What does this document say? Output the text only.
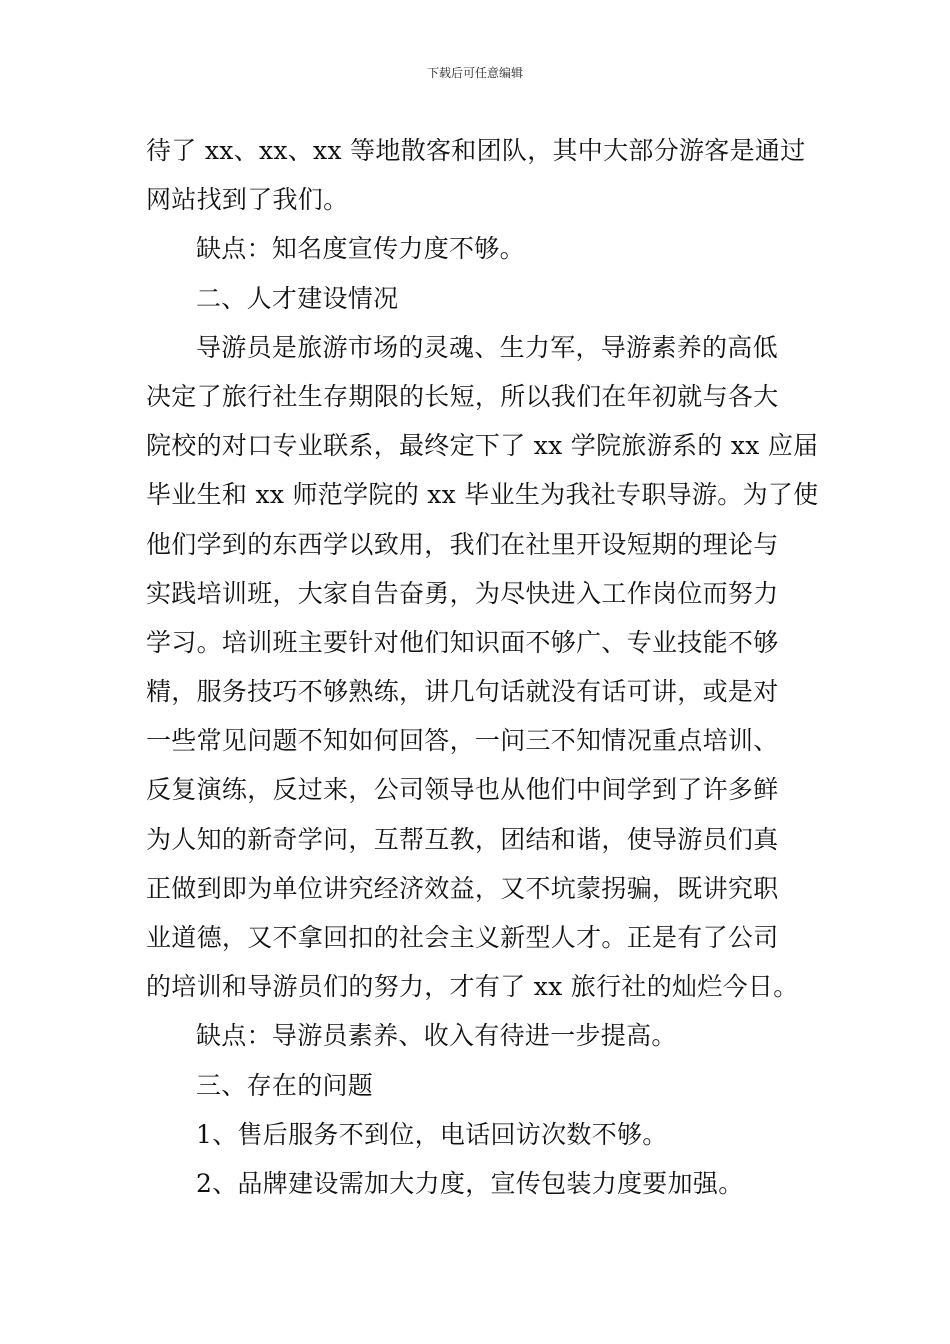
下载后可任意编辑
待了 xx、xx、xx 等地散客和团队，其中大部分游客是通过
网站找到了我们。
缺点：知名度宣传力度不够。
二、人才建设情况
导游员是旅游市场的灵魂、生力军，导游素养的高低
决定了旅行社生存期限的长短，所以我们在年初就与各大
院校的对口专业联系，最终定下了 xx 学院旅游系的 xx 应届
毕业生和 xx 师范学院的 xx 毕业生为我社专职导游。为了使
他们学到的东西学以致用，我们在社里开设短期的理论与
实践培训班，大家自告奋勇，为尽快进入工作岗位而努力
学习。培训班主要针对他们知识面不够广、专业技能不够
精，服务技巧不够熟练，讲几句话就没有话可讲，或是对
一些常见问题不知如何回答，一问三不知情况重点培训、
反复演练，反过来，公司领导也从他们中间学到了许多鲜
为人知的新奇学问，互帮互教，团结和谐，使导游员们真
正做到即为单位讲究经济效益，又不坑蒙拐骗，既讲究职
业道德，又不拿回扣的社会主义新型人才。正是有了公司
的培训和导游员们的努力，才有了 xx 旅行社的灿烂今日。
缺点：导游员素养、收入有待进一步提高。
三、存在的问题
1、售后服务不到位，电话回访次数不够。
2、品牌建设需加大力度，宣传包装力度要加强。
